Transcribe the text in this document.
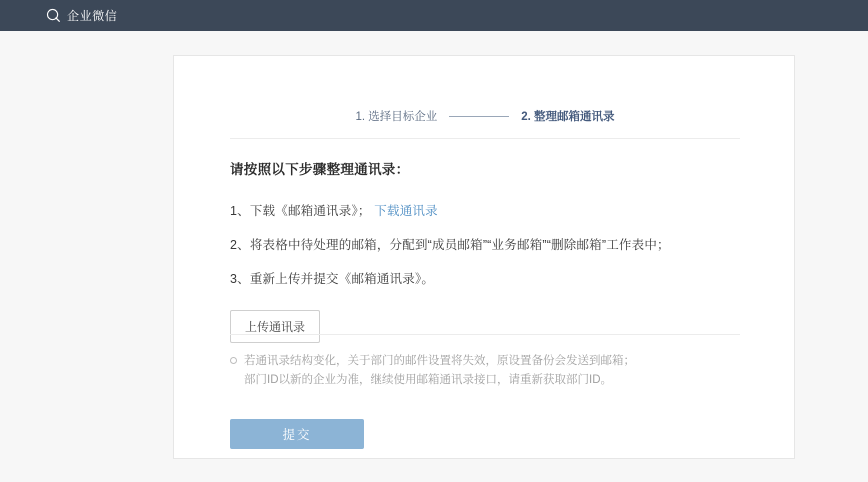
企业微信
1. 选择目标企业	2. 整理邮箱通讯录
请按照以下步骤整理通讯录：
1、下载《邮箱通讯录》； 下载通讯录
2、将表格中待处理的邮箱，分配到“成员邮箱”“业务邮箱”“删除邮箱”工作表中；
3、重新上传并提交《邮箱通讯录》。
上传通讯录
若通讯录结构变化，关于部门的邮件设置将失效，原设置备份会发送到邮箱；
部门ID以新的企业为准，继续使用邮箱通讯录接口，请重新获取部门ID。
提交
